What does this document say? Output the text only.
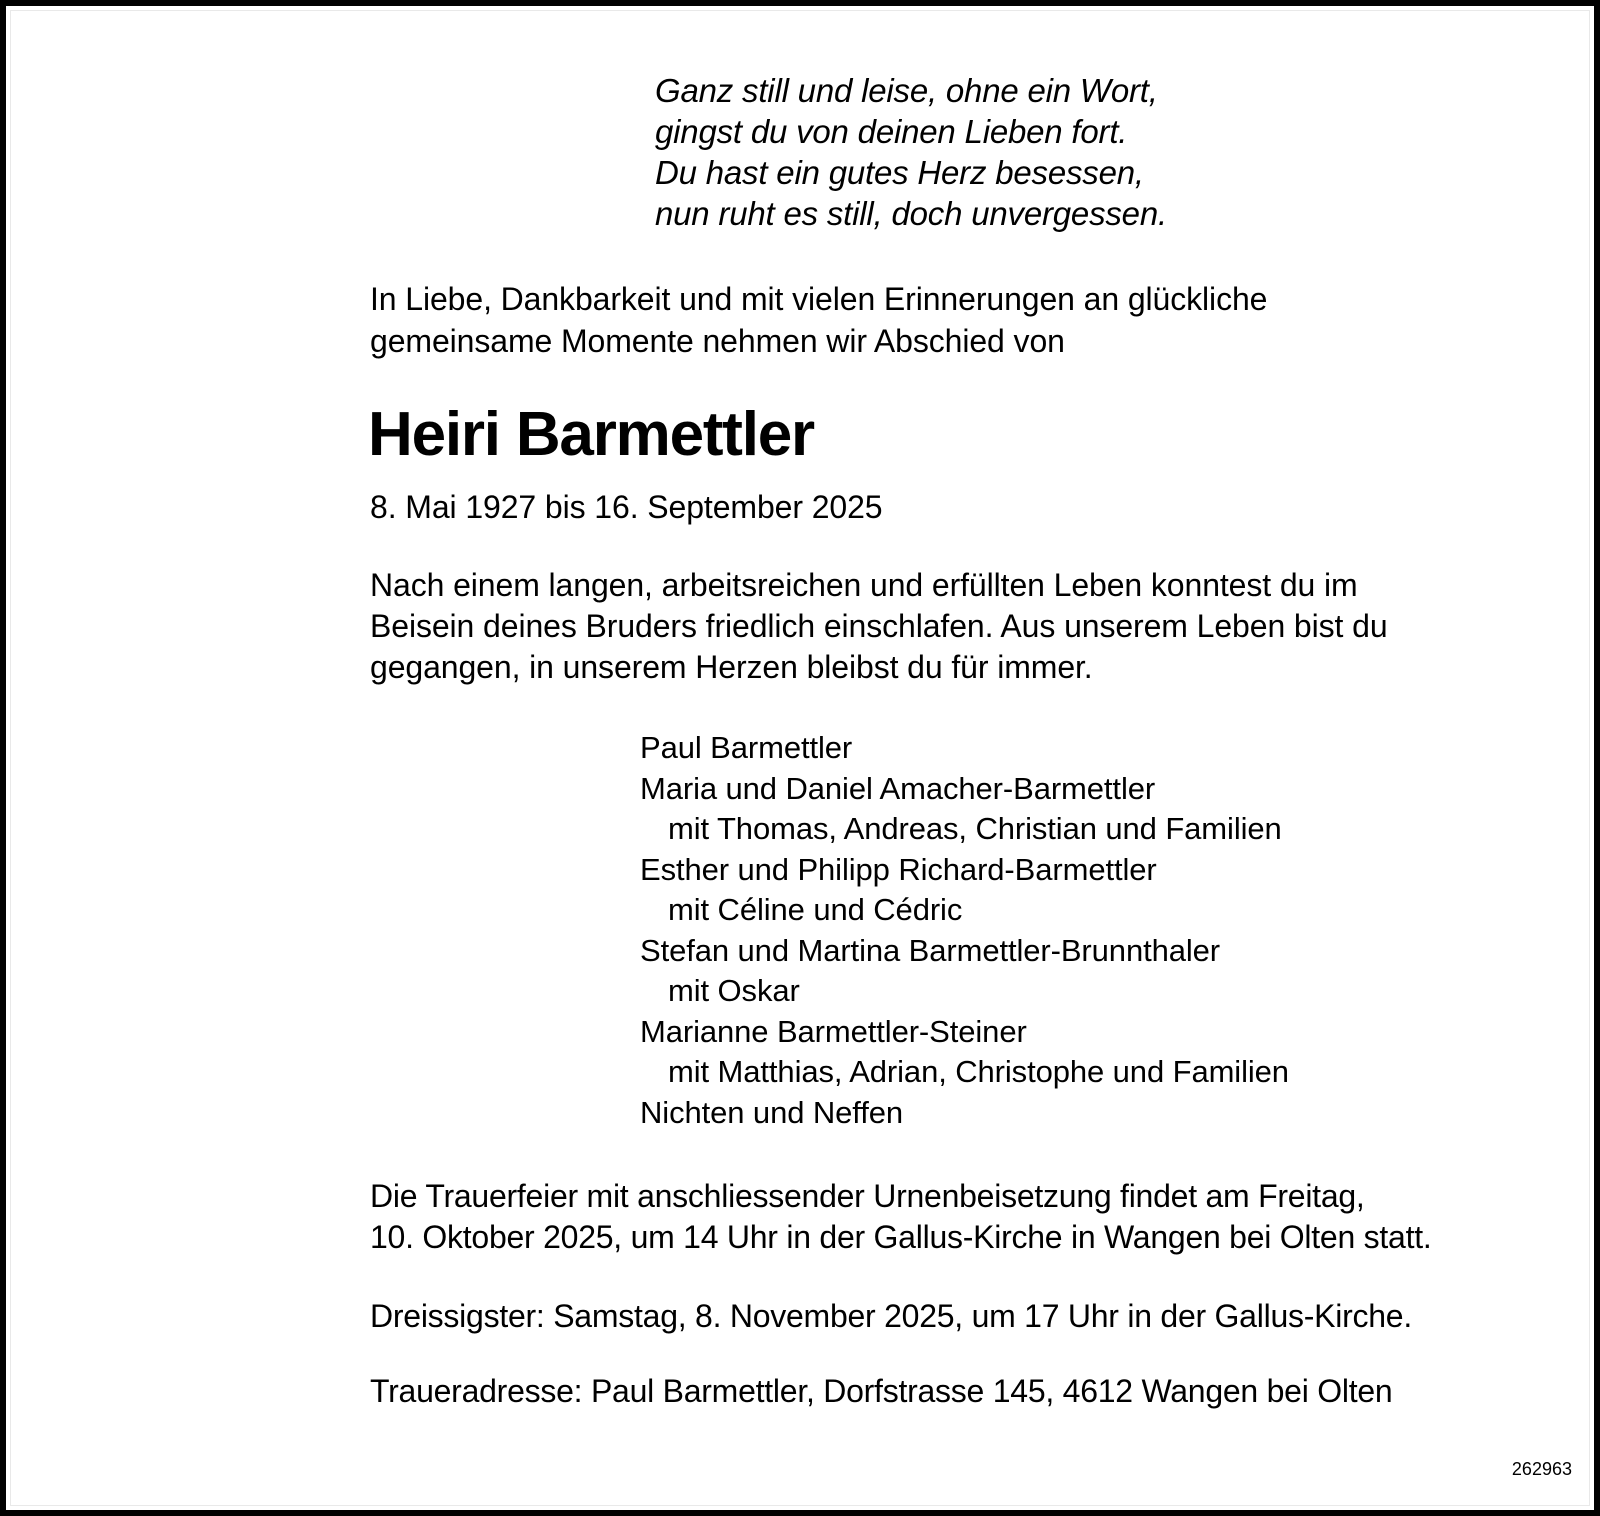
Ganz still und leise, ohne ein Wort,
gingst du von deinen Lieben fort.
Du hast ein gutes Herz besessen,
nun ruht es still, doch unvergessen.
In Liebe, Dankbarkeit und mit vielen Erinnerungen an glückliche
gemeinsame Momente nehmen wir Abschied von
Heiri Barmettler
8. Mai 1927 bis 16. September 2025
Nach einem langen, arbeitsreichen und erfüllten Leben konntest du im
Beisein deines Bruders friedlich einschlafen. Aus unserem Leben bist du
gegangen, in unserem Herzen bleibst du für immer.
Paul Barmettler
Maria und Daniel Amacher-Barmettler
mit Thomas, Andreas, Christian und Familien
Esther und Philipp Richard-Barmettler
mit Céline und Cédric
Stefan und Martina Barmettler-Brunnthaler
mit Oskar
Marianne Barmettler-Steiner
mit Matthias, Adrian, Christophe und Familien
Nichten und Neffen
Die Trauerfeier mit anschliessender Urnenbeisetzung findet am Freitag,
10. Oktober 2025, um 14 Uhr in der Gallus-Kirche in Wangen bei Olten statt.
Dreissigster: Samstag, 8. November 2025, um 17 Uhr in der Gallus-Kirche.
Traueradresse: Paul Barmettler, Dorfstrasse 145, 4612 Wangen bei Olten
262963
